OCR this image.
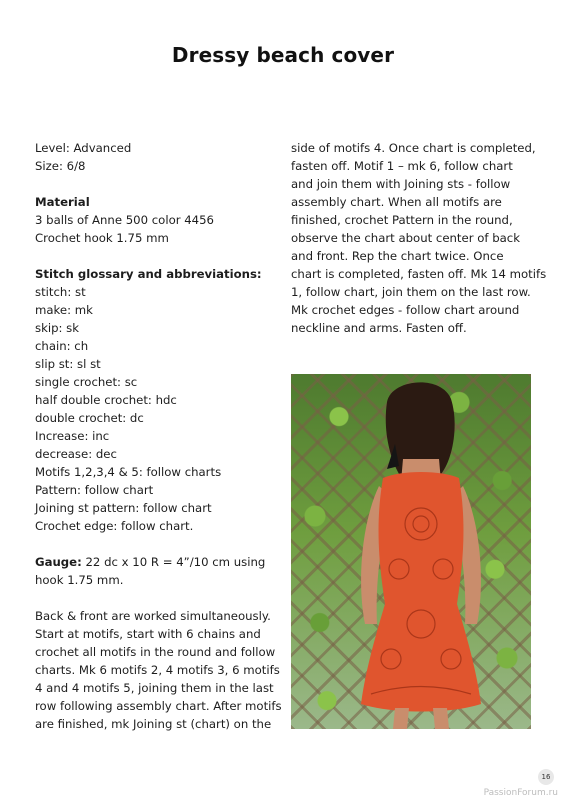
Dressy beach cover
Level: Advanced
Size: 6/8
Material
3 balls of Anne 500 color 4456
Crochet hook 1.75 mm
Stitch glossary and abbreviations:
stitch: st
make: mk
skip: sk
chain: ch
slip st: sl st
single crochet: sc
half double crochet: hdc
double crochet: dc
Increase: inc
decrease: dec
Motifs 1,2,3,4 & 5: follow charts
Pattern: follow chart
Joining st pattern: follow chart
Crochet edge: follow chart.
Gauge: 22 dc x 10 R = 4”/10 cm using
hook 1.75 mm.
Back & front are worked simultaneously.
Start at motifs, start with 6 chains and
crochet all motifs in the round and follow
charts. Mk 6 motifs 2, 4 motifs 3, 6 motifs
4 and 4 motifs 5, joining them in the last
row following assembly chart. After motifs
are finished, mk Joining st (chart) on the
side of motifs 4. Once chart is completed,
fasten off. Motif 1 – mk 6, follow chart
and join them with Joining sts - follow
assembly chart. When all motifs are
finished, crochet Pattern in the round,
observe the chart about center of back
and front. Rep the chart twice. Once
chart is completed, fasten off. Mk 14 motifs
1, follow chart, join them on the last row.
Mk crochet edges - follow chart around
neckline and arms. Fasten off.
16
PassionForum.ru
